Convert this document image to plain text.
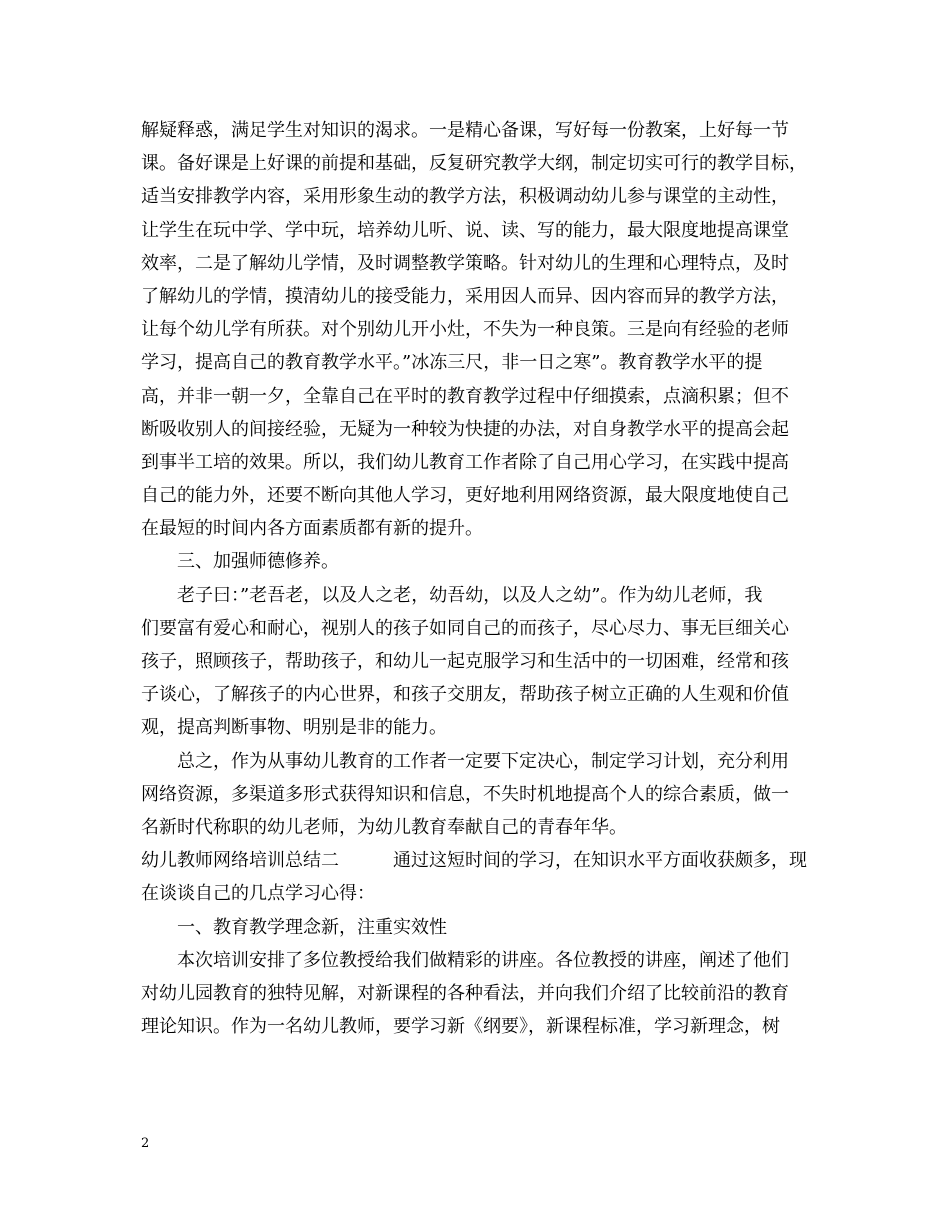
解疑释惑，满足学生对知识的渴求。一是精心备课，写好每一份教案，上好每一节
课。备好课是上好课的前提和基础，反复研究教学大纲，制定切实可行的教学目标，
适当安排教学内容，采用形象生动的教学方法，积极调动幼儿参与课堂的主动性，
让学生在玩中学、学中玩，培养幼儿听、说、读、写的能力，最大限度地提高课堂
效率，二是了解幼儿学情，及时调整教学策略。针对幼儿的生理和心理特点，及时
了解幼儿的学情，摸清幼儿的接受能力，采用因人而异、因内容而异的教学方法，
让每个幼儿学有所获。对个别幼儿开小灶，不失为一种良策。三是向有经验的老师
学习，提高自己的教育教学水平。”冰冻三尺，非一日之寒”。教育教学水平的提
高，并非一朝一夕，全靠自己在平时的教育教学过程中仔细摸索，点滴积累；但不
断吸收别人的间接经验，无疑为一种较为快捷的办法，对自身教学水平的提高会起
到事半工培的效果。所以，我们幼儿教育工作者除了自己用心学习，在实践中提高
自己的能力外，还要不断向其他人学习，更好地利用网络资源，最大限度地使自己
在最短的时间内各方面素质都有新的提升。
　　三、加强师德修养。
　　老子曰：”老吾老，以及人之老，幼吾幼，以及人之幼”。作为幼儿老师，我
们要富有爱心和耐心，视别人的孩子如同自己的而孩子，尽心尽力、事无巨细关心
孩子，照顾孩子，帮助孩子，和幼儿一起克服学习和生活中的一切困难，经常和孩
子谈心，了解孩子的内心世界，和孩子交朋友，帮助孩子树立正确的人生观和价值
观，提高判断事物、明别是非的能力。
　　总之，作为从事幼儿教育的工作者一定要下定决心，制定学习计划，充分利用
网络资源，多渠道多形式获得知识和信息，不失时机地提高个人的综合素质，做一
名新时代称职的幼儿老师，为幼儿教育奉献自己的青春年华。
幼儿教师网络培训总结二　　　通过这短时间的学习，在知识水平方面收获颇多，现
在谈谈自己的几点学习心得：
　　一、教育教学理念新，注重实效性
　　本次培训安排了多位教授给我们做精彩的讲座。各位教授的讲座，阐述了他们
对幼儿园教育的独特见解，对新课程的各种看法，并向我们介绍了比较前沿的教育
理论知识。作为一名幼儿教师，要学习新《纲要》，新课程标准，学习新理念，树
2
